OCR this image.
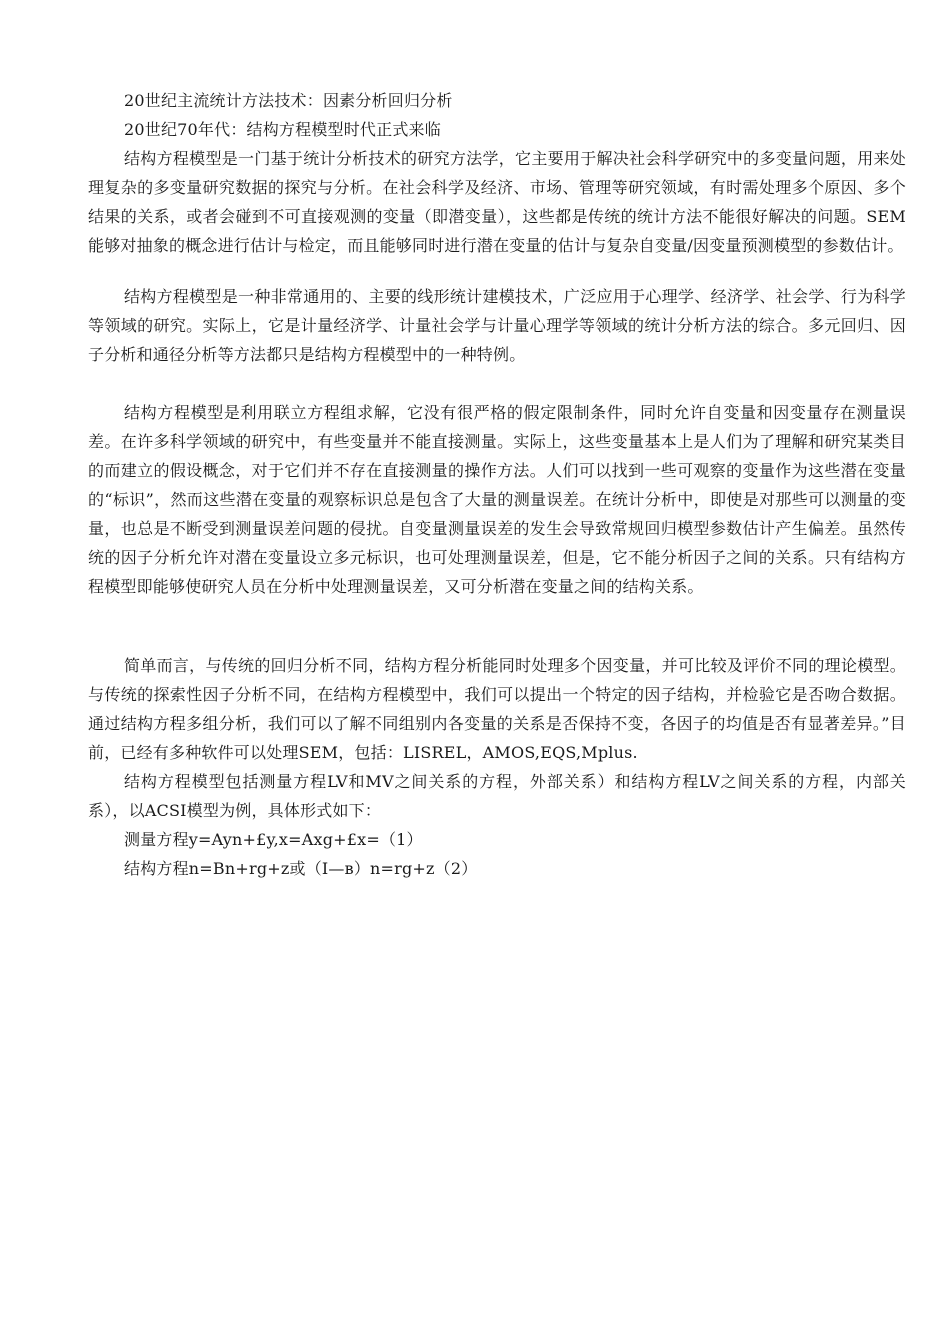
20世纪主流统计方法技术：因素分析回归分析

20世纪70年代：结构方程模型时代正式来临

结构方程模型是一门基于统计分析技术的研究方法学，它主要用于解决社会科学研究中的多变量问题，用来处理复杂的多变量研究数据的探究与分析。在社会科学及经济、市场、管理等研究领域，有时需处理多个原因、多个结果的关系，或者会碰到不可直接观测的变量（即潜变量），这些都是传统的统计方法不能很好解决的问题。SEM能够对抽象的概念进行估计与检定，而且能够同时进行潜在变量的估计与复杂自变量/因变量预测模型的参数估计。

结构方程模型是一种非常通用的、主要的线形统计建模技术，广泛应用于心理学、经济学、社会学、行为科学等领域的研究。实际上，它是计量经济学、计量社会学与计量心理学等领域的统计分析方法的综合。多元回归、因子分析和通径分析等方法都只是结构方程模型中的一种特例。

结构方程模型是利用联立方程组求解，它没有很严格的假定限制条件，同时允许自变量和因变量存在测量误差。在许多科学领域的研究中，有些变量并不能直接测量。实际上，这些变量基本上是人们为了理解和研究某类目的而建立的假设概念，对于它们并不存在直接测量的操作方法。人们可以找到一些可观察的变量作为这些潜在变量的“标识”，然而这些潜在变量的观察标识总是包含了大量的测量误差。在统计分析中，即使是对那些可以测量的变量，也总是不断受到测量误差问题的侵扰。自变量测量误差的发生会导致常规回归模型参数估计产生偏差。虽然传统的因子分析允许对潜在变量设立多元标识，也可处理测量误差，但是，它不能分析因子之间的关系。只有结构方程模型即能够使研究人员在分析中处理测量误差，又可分析潜在变量之间的结构关系。

简单而言，与传统的回归分析不同，结构方程分析能同时处理多个因变量，并可比较及评价不同的理论模型。与传统的探索性因子分析不同，在结构方程模型中，我们可以提出一个特定的因子结构，并检验它是否吻合数据。通过结构方程多组分析，我们可以了解不同组别内各变量的关系是否保持不变，各因子的均值是否有显著差异。”目前，已经有多种软件可以处理SEM，包括：LISREL，AMOS,EQS,Mplus.

结构方程模型包括测量方程LV和MV之间关系的方程，外部关系）和结构方程LV之间关系的方程，内部关系），以ACSI模型为例，具体形式如下：

测量方程y=Ayn+£y,x=Axg+£x=（1）

结构方程n=Bn+rg+z或（I—в）n=rg+z（2）
